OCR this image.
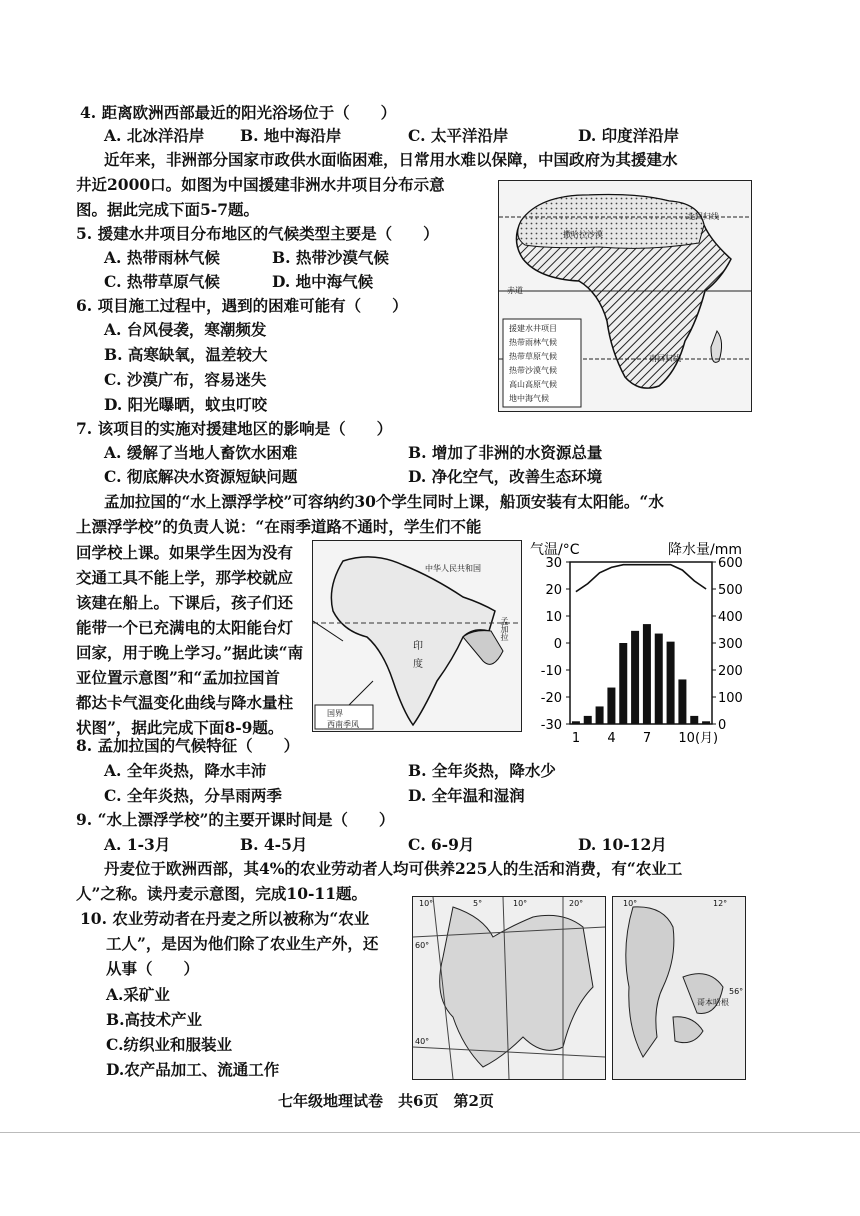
4. 距离欧洲西部最近的阳光浴场位于（　　）
A. 北冰洋沿岸 B. 地中海沿岸	C. 太平洋沿岸	D. 印度洋沿岸
近年来，非洲部分国家市政供水面临困难，日常用水难以保障，中国政府为其援建水
井近2000口。如图为中国援建非洲水井项目分布示意
图。据此完成下面5-7题。	北回归线
撒哈拉沙漠
赤道
南回归线
援建水井项目
热带雨林气候
热带草原气候
热带沙漠气候
高山高原气候
地中海气候
5. 援建水井项目分布地区的气候类型主要是（　　）
A. 热带雨林气候	B. 热带沙漠气候
C. 热带草原气候	D. 地中海气候
6. 项目施工过程中，遇到的困难可能有（　　）
A. 台风侵袭，寒潮频发
B. 高寒缺氧，温差较大
C. 沙漠广布，容易迷失
D. 阳光曝晒，蚊虫叮咬
7. 该项目的实施对援建地区的影响是（　　）
A. 缓解了当地人畜饮水困难	B. 增加了非洲的水资源总量
C. 彻底解决水资源短缺问题	D. 净化空气，改善生态环境
孟加拉国的“水上漂浮学校”可容纳约30个学生同时上课，船顶安装有太阳能。“水
上漂浮学校”的负责人说：“在雨季道路不通时，学生们不能
回学校上课。如果学生因为没有
交通工具不能上学，那学校就应
该建在船上。下课后，孩子们还
能带一个已充满电的太阳能台灯
回家，用于晚上学习。”据此读“南
亚位置示意图”和“孟加拉国首
都达卡气温变化曲线与降水量柱
状图”，据此完成下面8-9题。
中华人民共和国
印
度
孟加拉
国界
西南季风
30
20
10
0
-10
-20
-30
600
500
400
300
200
100
0
1 4 7 10(月)
气温/°C	降水量/mm
8. 孟加拉国的气候特征（　　）
A. 全年炎热，降水丰沛	B. 全年炎热，降水少
C. 全年炎热，分旱雨两季	D. 全年温和湿润
9. “水上漂浮学校”的主要开课时间是（　　）
A. 1-3月	B. 4-5月	C. 6-9月	D. 10-12月
丹麦位于欧洲西部，其4%的农业劳动者人均可供养225人的生活和消费，有“农业工
人”之称。读丹麦示意图，完成10-11题。
10. 农业劳动者在丹麦之所以被称为“农业
工人”，是因为他们除了农业生产外，还
从事（　　）
A.采矿业
B.高技术产业
C.纺织业和服装业
D.农产品加工、流通工作
10°	5°	10°	20°
60°
40°
10°	12°
56°
哥本哈根
七年级地理试卷　共6页　第2页
